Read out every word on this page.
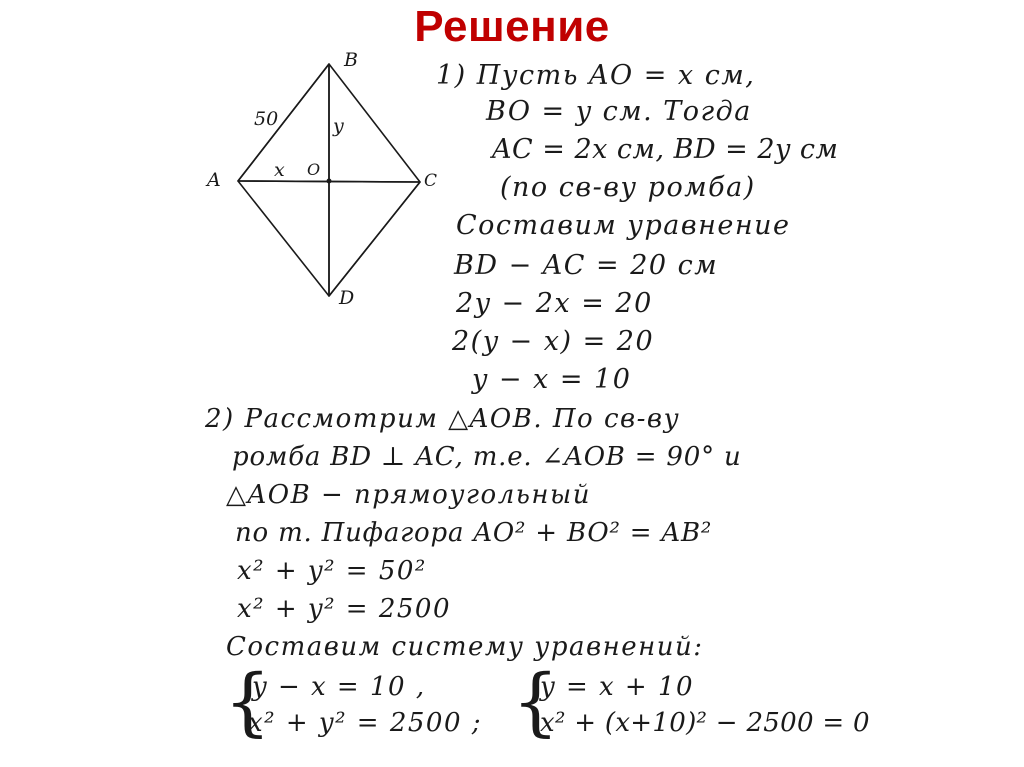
Решение
B
A	C
D
O
50
x
y
1) Пусть AO = x см,
BO = y см. Тогда
AC = 2x см, BD = 2y см
(по св-ву ромба)
Составим уравнение
BD − AC = 20 см
2y − 2x = 20
2(y − x) = 20
y − x = 10
2) Рассмотрим △AOB. По св-ву
ромба BD ⊥ AC, т.е. ∠AOB = 90° и
△AOB − прямоугольный
по т. Пифагора AO² + BO² = AB²
x² + y² = 50²
x² + y² = 2500
Составим систему уравнений:
{
y − x = 10 ,
x² + y² = 2500 ; {
y = x + 10
x² + (x+10)² − 2500 = 0
